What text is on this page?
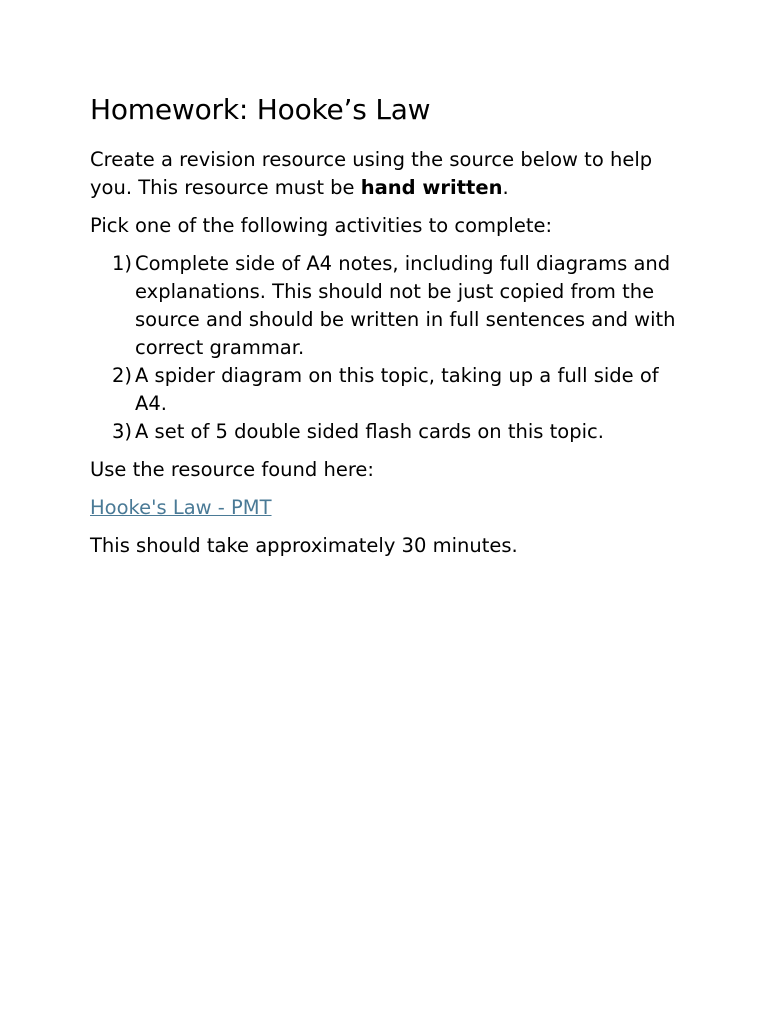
Homework: Hooke’s Law

Create a revision resource using the source below to help you. This resource must be hand written.

Pick one of the following activities to complete:

1) Complete side of A4 notes, including full diagrams and explanations. This should not be just copied from the source and should be written in full sentences and with correct grammar.
2) A spider diagram on this topic, taking up a full side of A4.
3) A set of 5 double sided flash cards on this topic.

Use the resource found here:

Hooke's Law - PMT

This should take approximately 30 minutes.
